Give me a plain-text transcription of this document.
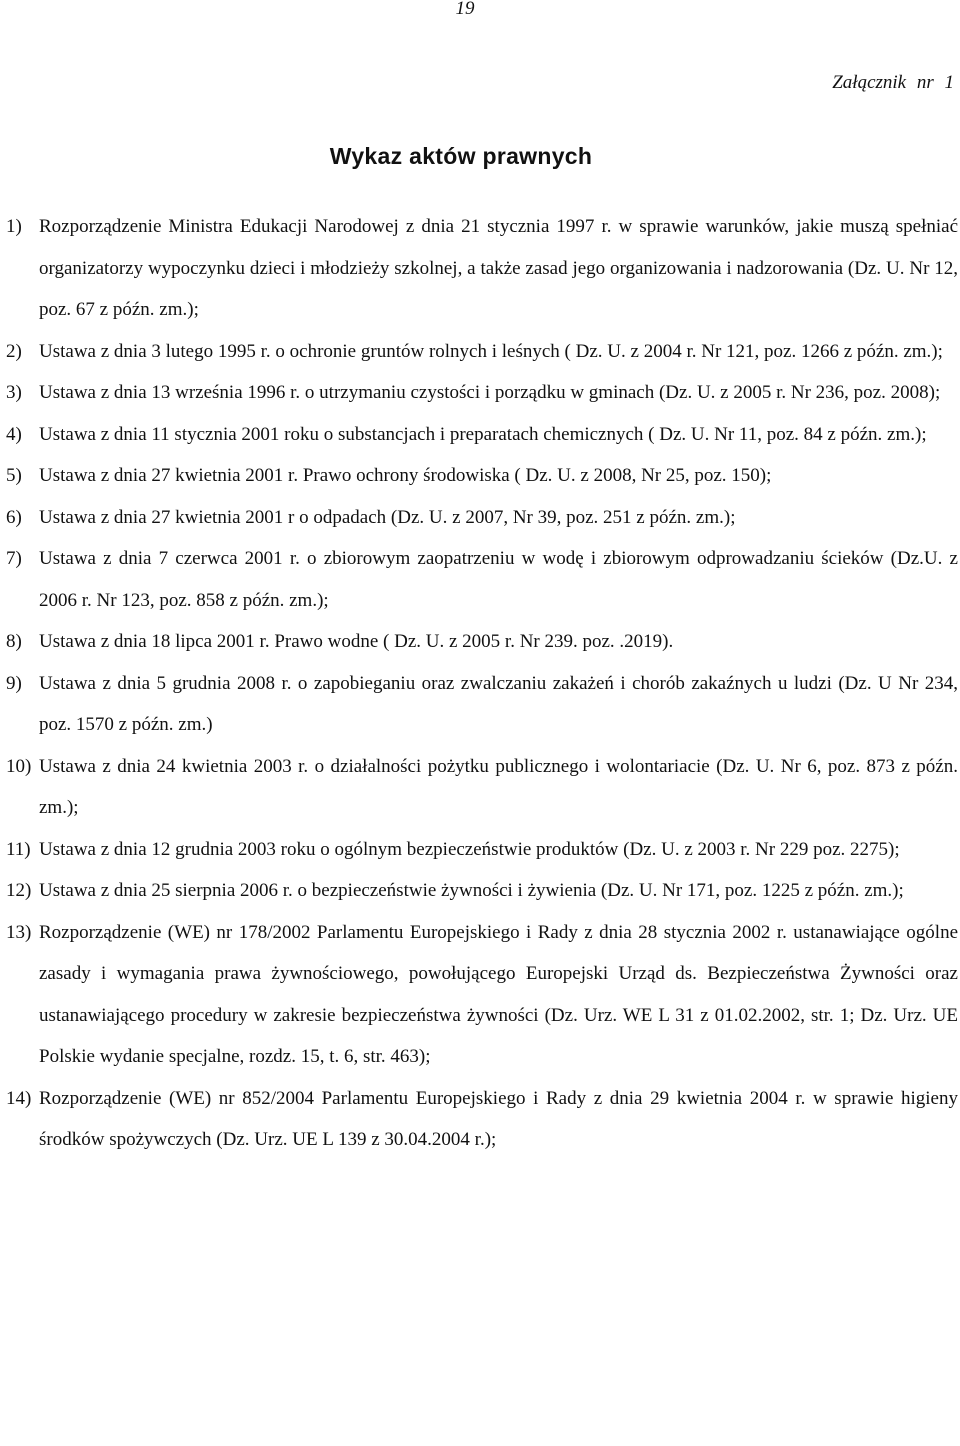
19
Załącznik nr 1
Wykaz aktów prawnych
1) Rozporządzenie Ministra Edukacji Narodowej z dnia 21 stycznia 1997 r. w sprawie warunków, jakie muszą spełniać organizatorzy wypoczynku dzieci i młodzieży szkolnej, a także zasad jego organizowania i nadzorowania (Dz. U. Nr 12, poz. 67 z późn. zm.);
2) Ustawa z dnia 3 lutego 1995 r. o ochronie gruntów rolnych i leśnych ( Dz. U. z 2004 r. Nr 121, poz. 1266 z późn. zm.);
3) Ustawa z dnia 13 września 1996 r. o utrzymaniu czystości i porządku w gminach (Dz. U. z 2005 r. Nr 236, poz. 2008);
4) Ustawa z dnia 11 stycznia 2001 roku o substancjach i preparatach chemicznych ( Dz. U. Nr 11, poz. 84 z późn. zm.);
5) Ustawa z dnia 27 kwietnia 2001 r. Prawo ochrony środowiska ( Dz. U. z 2008, Nr 25, poz. 150);
6) Ustawa z dnia 27 kwietnia 2001 r o odpadach (Dz. U. z 2007, Nr 39, poz. 251 z późn. zm.);
7) Ustawa z dnia 7 czerwca 2001 r. o zbiorowym zaopatrzeniu w wodę i zbiorowym odprowadzaniu ścieków (Dz.U. z 2006 r. Nr 123, poz. 858 z późn. zm.);
8) Ustawa z dnia 18 lipca 2001 r. Prawo wodne ( Dz. U. z 2005 r. Nr 239. poz. .2019).
9) Ustawa z dnia 5 grudnia 2008 r. o zapobieganiu oraz zwalczaniu zakażeń i chorób zakaźnych u ludzi (Dz. U Nr 234, poz. 1570 z późn. zm.)
10) Ustawa z dnia 24 kwietnia 2003 r. o działalności pożytku publicznego i wolontariacie (Dz. U. Nr 6, poz. 873 z późn. zm.);
11) Ustawa z dnia 12 grudnia 2003 roku o ogólnym bezpieczeństwie produktów (Dz. U. z 2003 r. Nr 229 poz. 2275);
12) Ustawa z dnia 25 sierpnia 2006 r. o bezpieczeństwie żywności i żywienia (Dz. U. Nr 171, poz. 1225 z późn. zm.);
13) Rozporządzenie (WE) nr 178/2002 Parlamentu Europejskiego i Rady z dnia 28 stycznia 2002 r. ustanawiające ogólne zasady i wymagania prawa żywnościowego, powołującego Europejski Urząd ds. Bezpieczeństwa Żywności oraz ustanawiającego procedury w zakresie bezpieczeństwa żywności (Dz. Urz. WE L 31 z 01.02.2002, str. 1; Dz. Urz. UE Polskie wydanie specjalne, rozdz. 15, t. 6, str. 463);
14) Rozporządzenie (WE) nr 852/2004 Parlamentu Europejskiego i Rady z dnia 29 kwietnia 2004 r. w sprawie higieny środków spożywczych (Dz. Urz. UE L 139 z 30.04.2004 r.);
